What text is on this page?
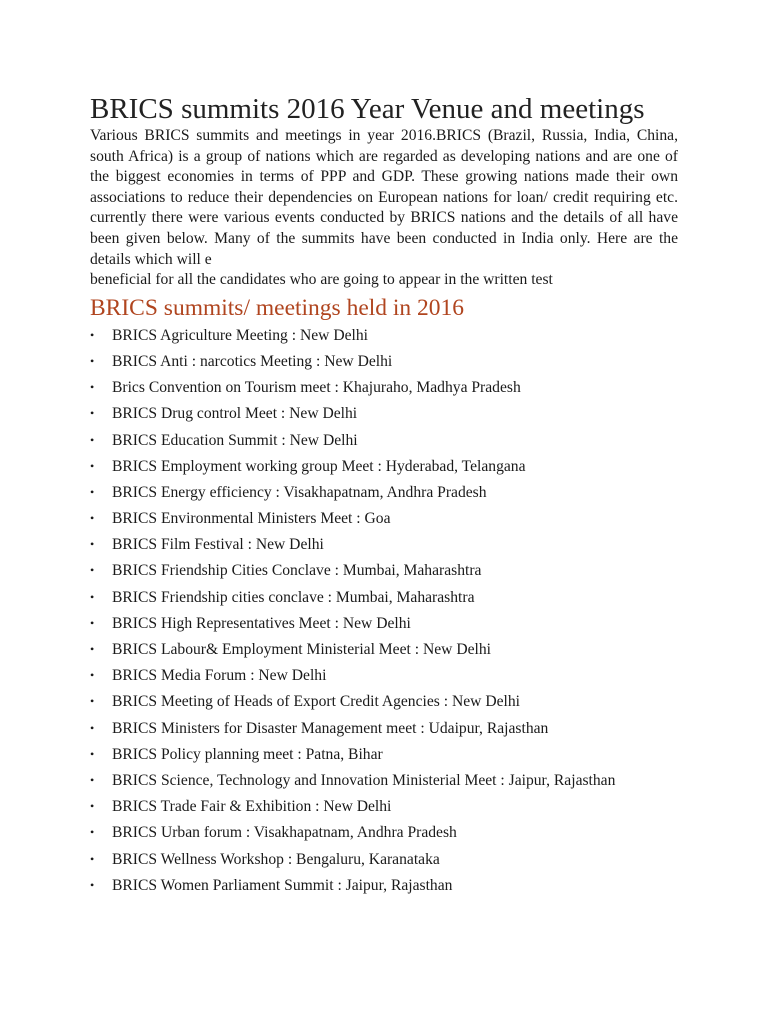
BRICS summits 2016 Year Venue and meetings

Various BRICS summits and meetings in year 2016.BRICS (Brazil, Russia, India, China, south Africa) is a group of nations which are regarded as developing nations and are one of the biggest economies in terms of PPP and GDP. These growing nations made their own associations to reduce their dependencies on European nations for loan/ credit requiring etc. currently there were various events conducted by BRICS nations and the details of all have been given below. Many of the summits have been conducted in India only. Here are the details which will e
beneficial for all the candidates who are going to appear in the written test

BRICS summits/ meetings held in 2016
•	BRICS Agriculture Meeting : New Delhi
•	BRICS Anti : narcotics Meeting : New Delhi
•	Brics Convention on Tourism meet : Khajuraho, Madhya Pradesh
•	BRICS Drug control Meet : New Delhi
•	BRICS Education Summit : New Delhi
•	BRICS Employment working group Meet : Hyderabad, Telangana
•	BRICS Energy efficiency : Visakhapatnam, Andhra Pradesh
•	BRICS Environmental Ministers Meet : Goa
•	BRICS Film Festival : New Delhi
•	BRICS Friendship Cities Conclave : Mumbai, Maharashtra
•	BRICS Friendship cities conclave : Mumbai, Maharashtra
•	BRICS High Representatives Meet : New Delhi
•	BRICS Labour& Employment Ministerial Meet : New Delhi
•	BRICS Media Forum : New Delhi
•	BRICS Meeting of Heads of Export Credit Agencies : New Delhi
•	BRICS Ministers for Disaster Management meet : Udaipur, Rajasthan
•	BRICS Policy planning meet : Patna, Bihar
•	BRICS Science, Technology and Innovation Ministerial Meet : Jaipur, Rajasthan
•	BRICS Trade Fair & Exhibition : New Delhi
•	BRICS Urban forum : Visakhapatnam, Andhra Pradesh
•	BRICS Wellness Workshop : Bengaluru, Karanataka
•	BRICS Women Parliament Summit : Jaipur, Rajasthan
